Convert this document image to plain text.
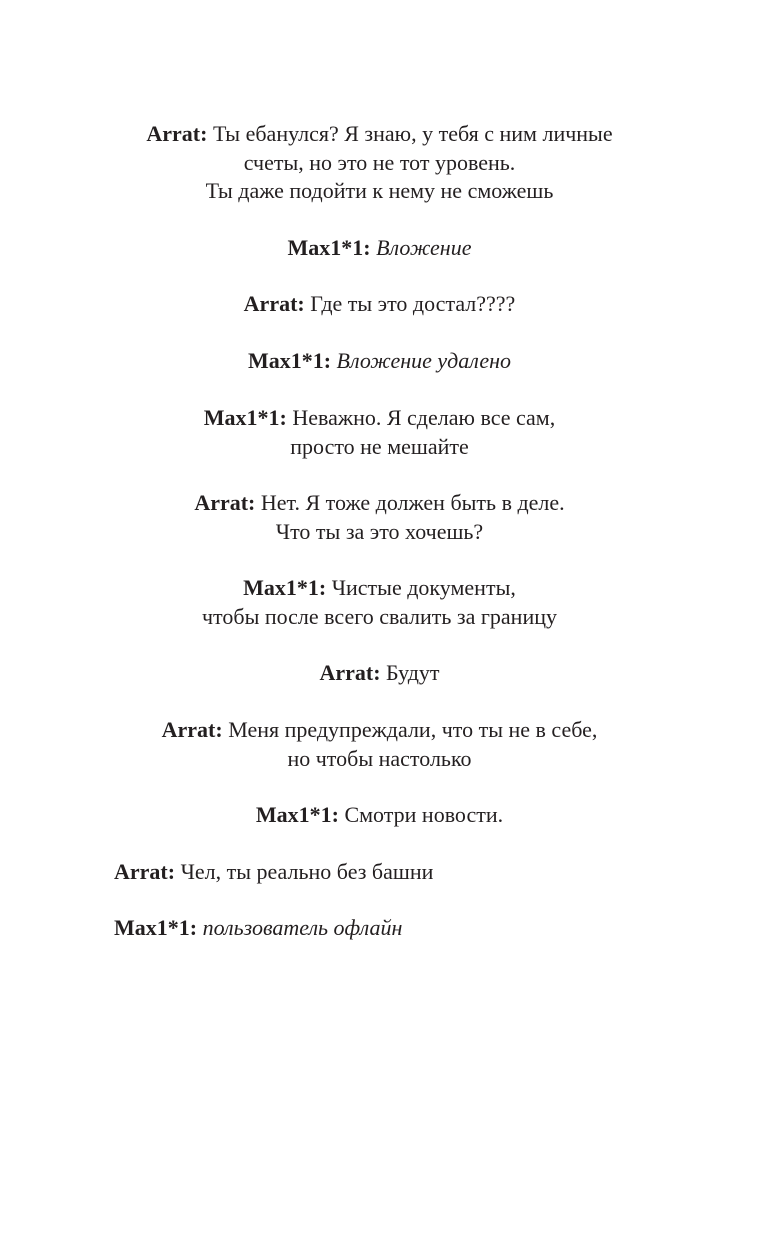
Arrat: Ты ебанулся? Я знаю, у тебя с ним личные
счеты, но это не тот уровень.
Ты даже подойти к нему не сможешь

Max1*1: Вложение

Arrat: Где ты это достал????

Max1*1: Вложение удалено

Max1*1: Неважно. Я сделаю все сам,
просто не мешайте

Arrat: Нет. Я тоже должен быть в деле.
Что ты за это хочешь?

Max1*1: Чистые документы,
чтобы после всего свалить за границу

Arrat: Будут

Arrat: Меня предупреждали, что ты не в себе,
но чтобы настолько

Max1*1: Смотри новости.

Arrat: Чел, ты реально без башни

Max1*1: пользователь офлайн
